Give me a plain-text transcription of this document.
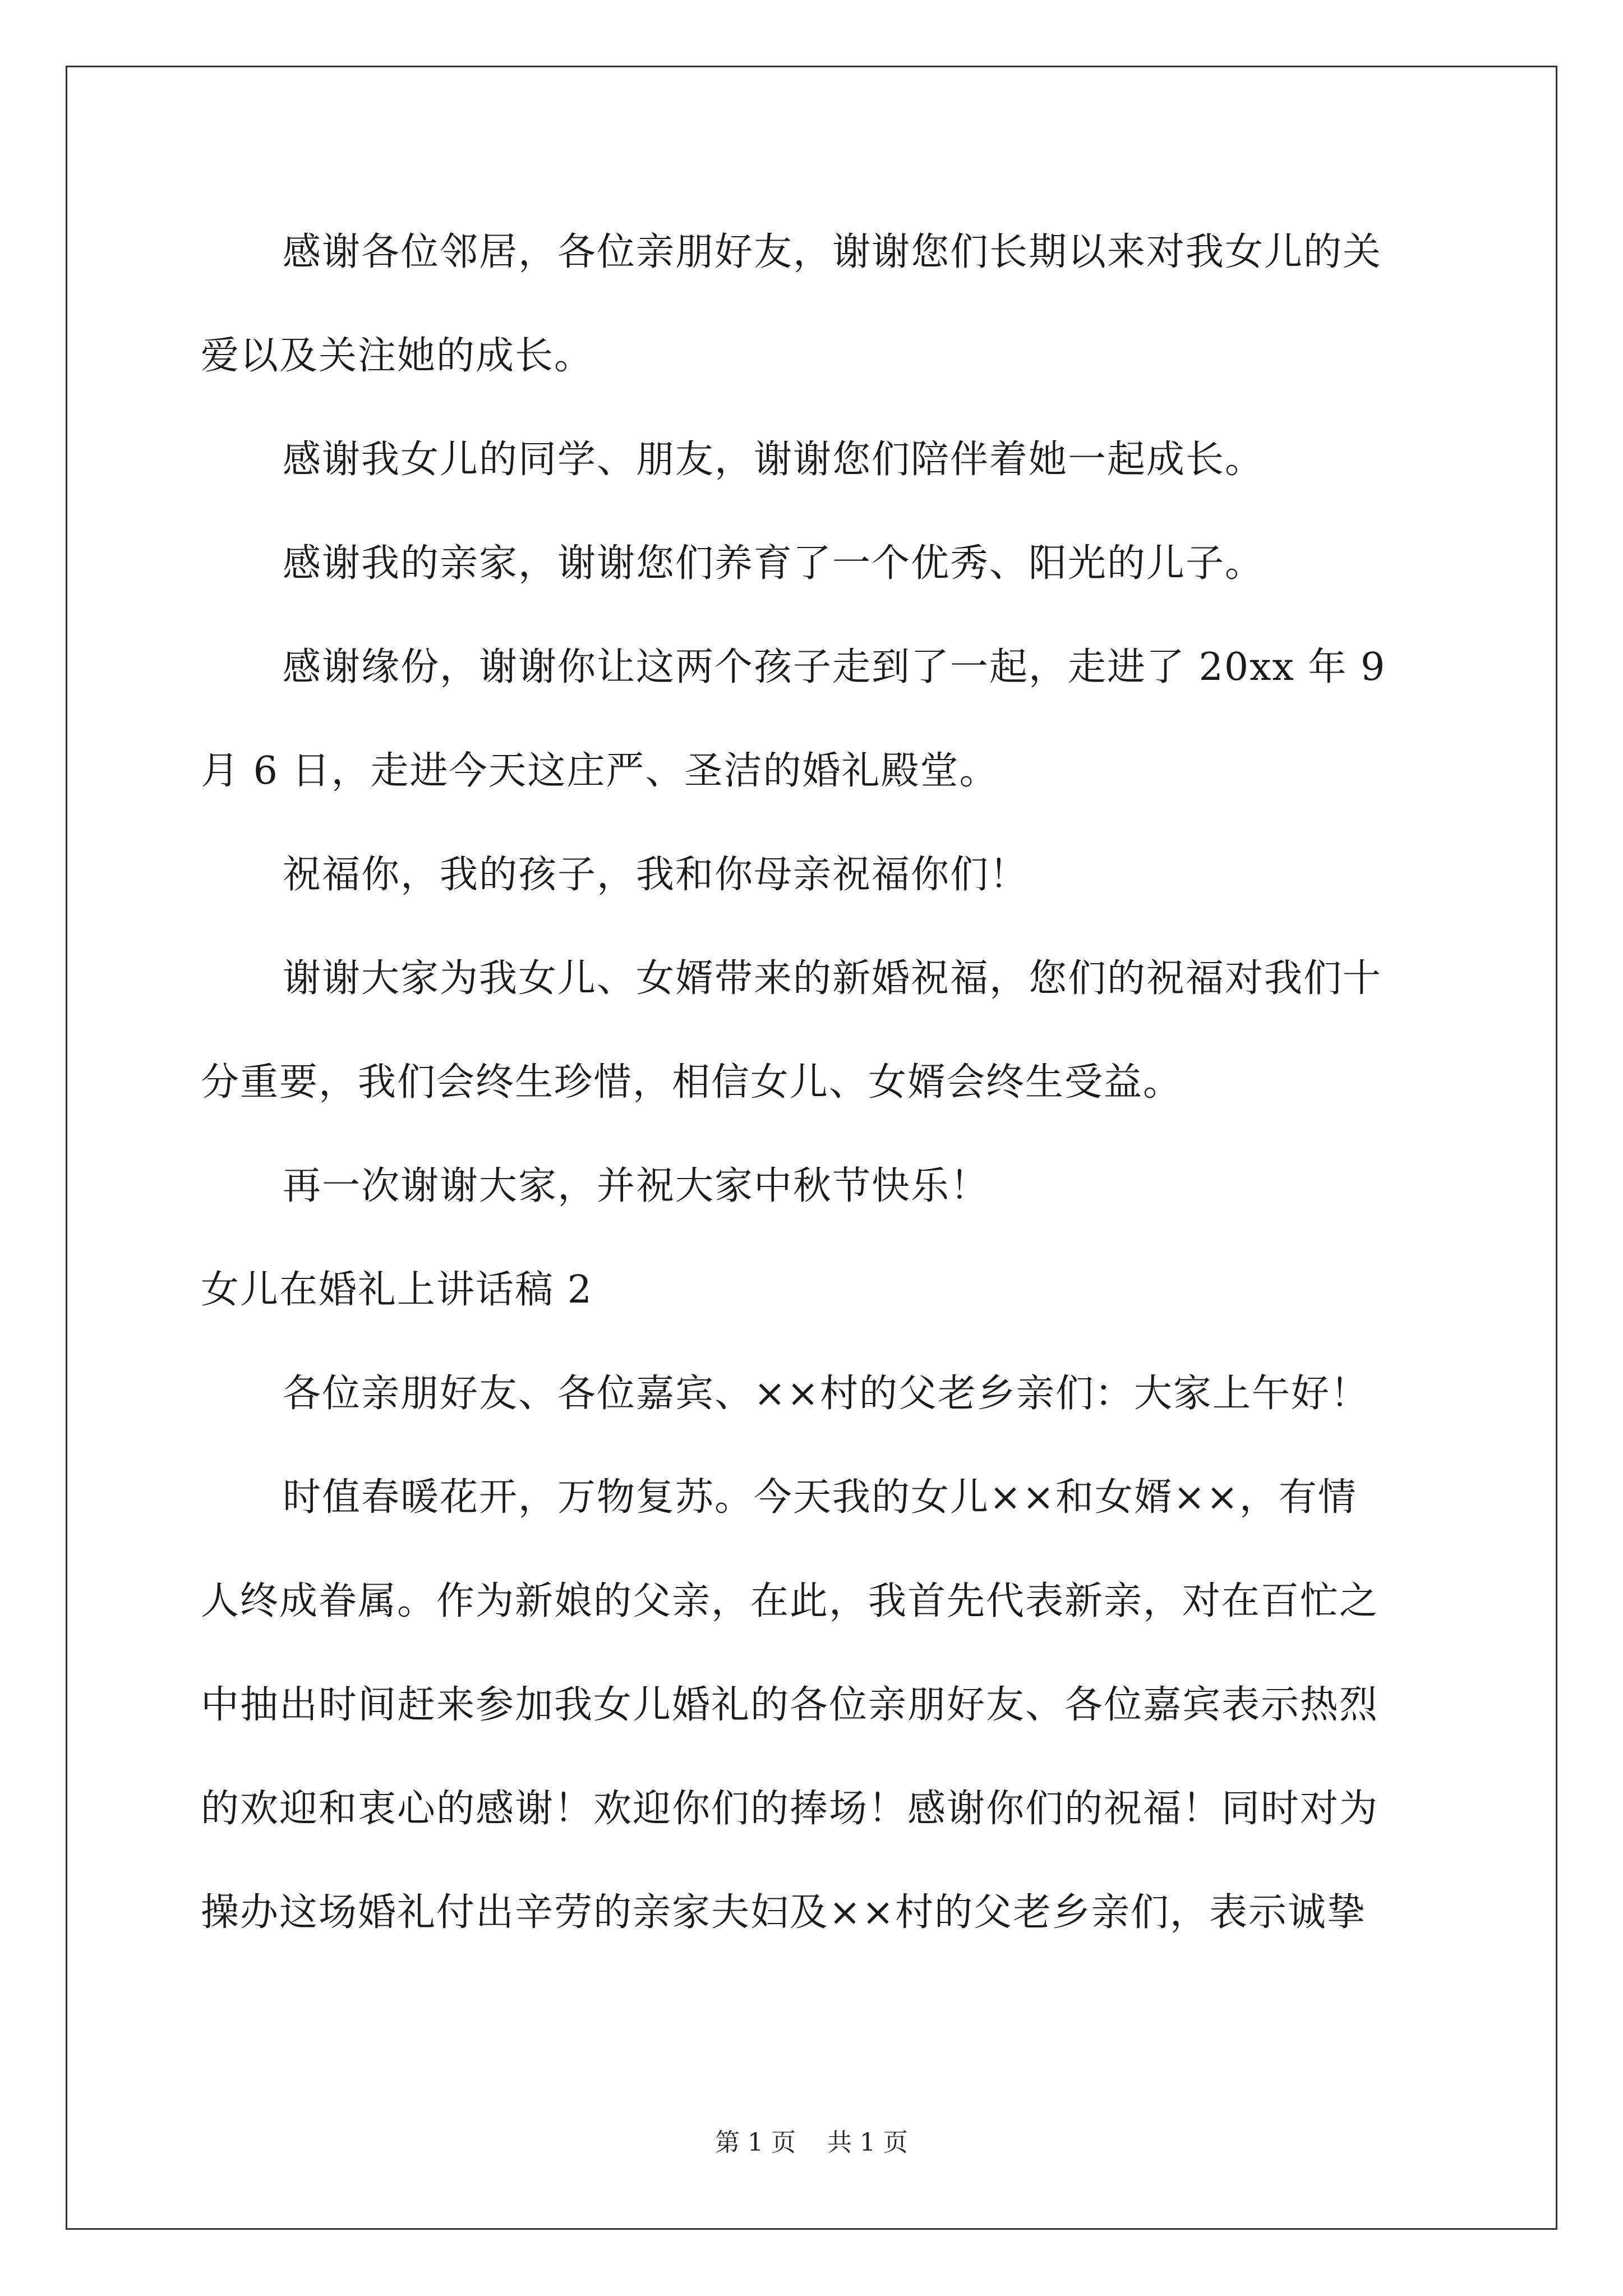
感谢各位邻居，各位亲朋好友，谢谢您们长期以来对我女儿的关
爱以及关注她的成长。
感谢我女儿的同学、朋友，谢谢您们陪伴着她一起成长。
感谢我的亲家，谢谢您们养育了一个优秀、阳光的儿子。
感谢缘份，谢谢你让这两个孩子走到了一起，走进了 20xx 年 9
月 6 日，走进今天这庄严、圣洁的婚礼殿堂。
祝福你，我的孩子，我和你母亲祝福你们！
谢谢大家为我女儿、女婿带来的新婚祝福，您们的祝福对我们十
分重要，我们会终生珍惜，相信女儿、女婿会终生受益。
再一次谢谢大家，并祝大家中秋节快乐！
女儿在婚礼上讲话稿 2
各位亲朋好友、各位嘉宾、××村的父老乡亲们：大家上午好！
时值春暖花开，万物复苏。今天我的女儿××和女婿××，有情
人终成眷属。作为新娘的父亲，在此，我首先代表新亲，对在百忙之
中抽出时间赶来参加我女儿婚礼的各位亲朋好友、各位嘉宾表示热烈
的欢迎和衷心的感谢！欢迎你们的捧场！感谢你们的祝福！同时对为
操办这场婚礼付出辛劳的亲家夫妇及××村的父老乡亲们，表示诚挚
第 1 页    共 1 页
